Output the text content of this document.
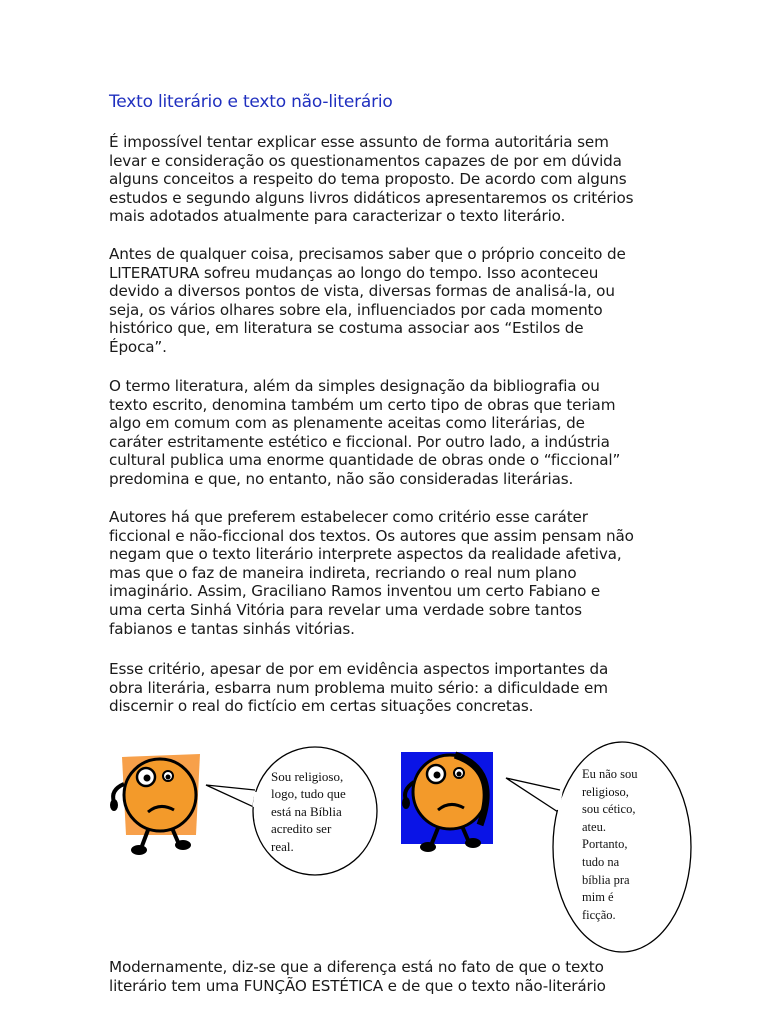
Texto literário e texto não-literário

É impossível tentar explicar esse assunto de forma autoritária sem
levar e consideração os questionamentos capazes de por em dúvida
alguns conceitos a respeito do tema proposto. De acordo com alguns
estudos e segundo alguns livros didáticos apresentaremos os critérios
mais adotados atualmente para caracterizar o texto literário.

Antes de qualquer coisa, precisamos saber que o próprio conceito de
LITERATURA sofreu mudanças ao longo do tempo. Isso aconteceu
devido a diversos pontos de vista, diversas formas de analisá-la, ou
seja, os vários olhares sobre ela, influenciados por cada momento
histórico que, em literatura se costuma associar aos “Estilos de
Época”.

O termo literatura, além da simples designação da bibliografia ou
texto escrito, denomina também um certo tipo de obras que teriam
algo em comum com as plenamente aceitas como literárias, de
caráter estritamente estético e ficcional. Por outro lado, a indústria
cultural publica uma enorme quantidade de obras onde o “ficcional”
predomina e que, no entanto, não são consideradas literárias.

Autores há que preferem estabelecer como critério esse caráter
ficcional e não-ficcional dos textos. Os autores que assim pensam não
negam que o texto literário interprete aspectos da realidade afetiva,
mas que o faz de maneira indireta, recriando o real num plano
imaginário. Assim, Graciliano Ramos inventou um certo Fabiano e
uma certa Sinhá Vitória para revelar uma verdade sobre tantos
fabianos e tantas sinhás vitórias.

Esse critério, apesar de por em evidência aspectos importantes da
obra literária, esbarra num problema muito sério: a dificuldade em
discernir o real do fictício em certas situações concretas.

Sou religioso,
logo, tudo que
está na Bíblia
acredito ser
real.
Eu não sou
religioso,
sou cético,
ateu.
Portanto,
tudo na
bíblia pra
mim é
ficção.

Modernamente, diz-se que a diferença está no fato de que o texto
literário tem uma FUNÇÃO ESTÉTICA e de que o texto não-literário
